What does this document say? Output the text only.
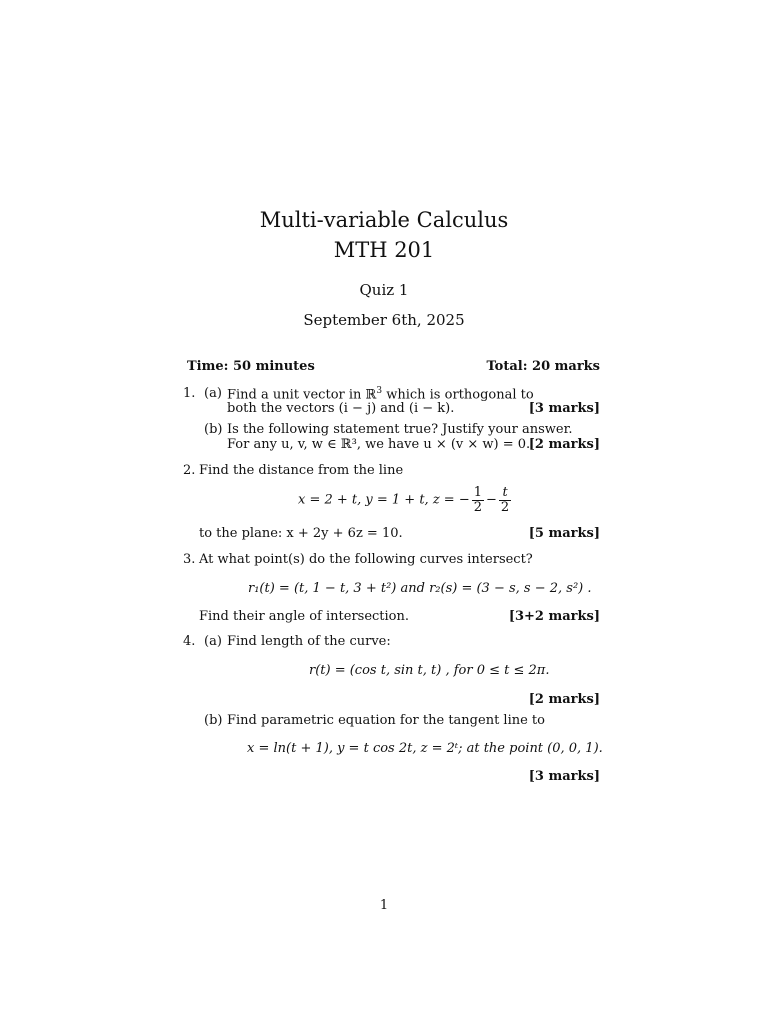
Multi-variable Calculus
MTH 201
Quiz 1
September 6th, 2025
Time: 50 minutes	Total: 20 marks
1. (a) Find a unit vector in ℝ$^3$ which is orthogonal to
both the vectors (i − j) and (i − k).	[3 marks]
(b) Is the following statement true? Justify your answer.
For any u, v, w ∈ ℝ³, we have u × (v × w) = 0.
[2 marks]
2. Find the distance from the line
x = 2 + t, y = 1 + t, z = − $\frac{1}{2} - \frac{t}{2}$
to the plane: x + 2y + 6z = 10.	[5 marks]
3. At what point(s) do the following curves intersect?
r₁(t) = (t, 1 − t, 3 + t²) and r₂(s) = (3 − s, s − 2, s²) .
Find their angle of intersection.	[3+2 marks]
4. (a) Find length of the curve:
r(t) = (cos t, sin t, t) , for 0 ≤ t ≤ 2π.
[2 marks]
(b) Find parametric equation for the tangent line to
x = ln(t + 1), y = t cos 2t, z = 2ᵗ; at the point (0, 0, 1).
[3 marks]
1
